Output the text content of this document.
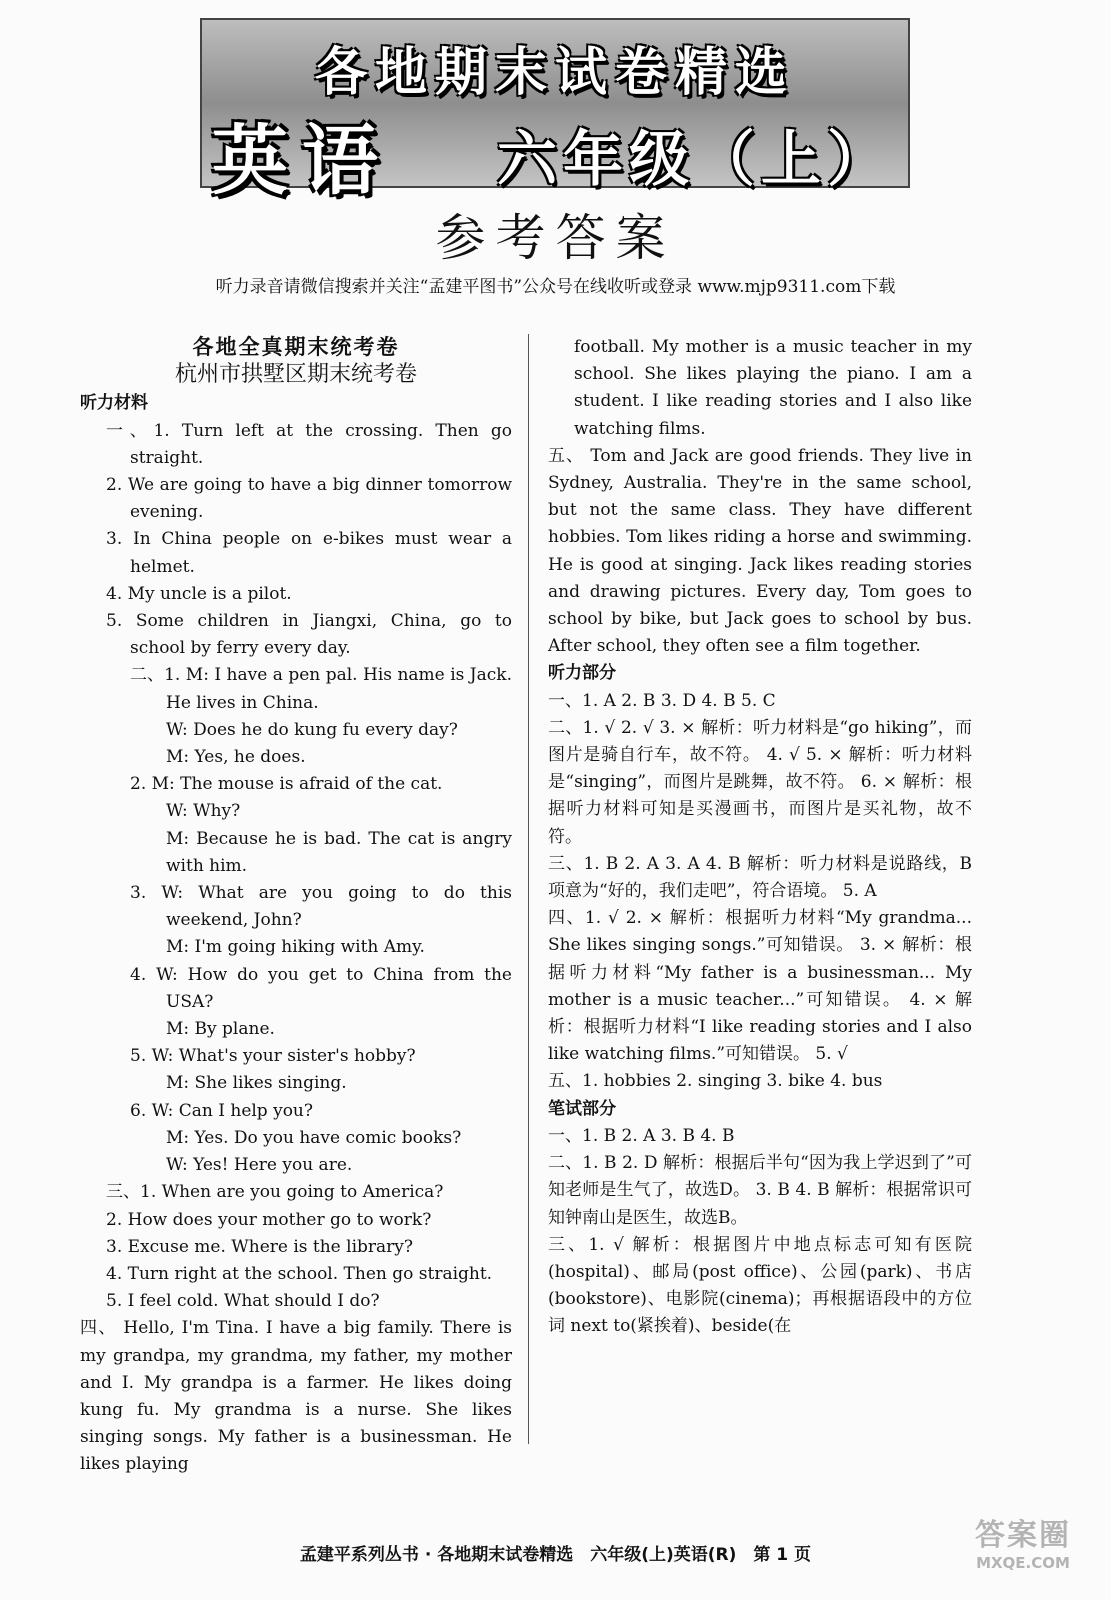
各地期末试卷精选
英语 六年级（上）
参考答案
听力录音请微信搜索并关注“孟建平图书”公众号在线收听或登录 www.mjp9311.com下载

各地全真期末统考卷

杭州市拱墅区期末统考卷

听力材料

一、1. Turn left at the crossing. Then go straight.

2. We are going to have a big dinner tomorrow evening.

3. In China people on e-bikes must wear a helmet.

4. My uncle is a pilot.

5. Some children in Jiangxi, China, go to school by ferry every day.

二、1. M: I have a pen pal. His name is Jack. He lives in China.

W: Does he do kung fu every day?

M: Yes, he does.

2. M: The mouse is afraid of the cat.

W: Why?

M: Because he is bad. The cat is angry with him.

3. W: What are you going to do this weekend, John?

M: I'm going hiking with Amy.

4. W: How do you get to China from the USA?

M: By plane.

5. W: What's your sister's hobby?

M: She likes singing.

6. W: Can I help you?

M: Yes. Do you have comic books?

W: Yes! Here you are.

三、1. When are you going to America?

2. How does your mother go to work?

3. Excuse me. Where is the library?

4. Turn right at the school. Then go straight.

5. I feel cold. What should I do?

四、 Hello, I'm Tina. I have a big family. There is my grandpa, my grandma, my father, my mother and I. My grandpa is a farmer. He likes doing kung fu. My grandma is a nurse. She likes singing songs. My father is a businessman. He likes playing

football. My mother is a music teacher in my school. She likes playing the piano. I am a student. I like reading stories and I also like watching films.

五、 Tom and Jack are good friends. They live in Sydney, Australia. They're in the same school, but not the same class. They have different hobbies. Tom likes riding a horse and swimming. He is good at singing. Jack likes reading stories and drawing pictures. Every day, Tom goes to school by bike, but Jack goes to school by bus. After school, they often see a film together.

听力部分

一、1. A 2. B 3. D 4. B 5. C

二、1. √ 2. √ 3. × 解析：听力材料是“go hiking”，而图片是骑自行车，故不符。 4. √ 5. × 解析：听力材料是“singing”，而图片是跳舞，故不符。 6. × 解析：根据听力材料可知是买漫画书，而图片是买礼物，故不符。

三、1. B 2. A 3. A 4. B 解析：听力材料是说路线，B项意为“好的，我们走吧”，符合语境。 5. A

四、1. √ 2. × 解析：根据听力材料“My grandma... She likes singing songs.”可知错误。 3. × 解析：根据听力材料“My father is a businessman... My mother is a music teacher...”可知错误。 4. × 解析：根据听力材料“I like reading stories and I also like watching films.”可知错误。 5. √

五、1. hobbies 2. singing 3. bike 4. bus

笔试部分

一、1. B 2. A 3. B 4. B

二、1. B 2. D 解析：根据后半句“因为我上学迟到了”可知老师是生气了，故选D。 3. B 4. B 解析：根据常识可知钟南山是医生，故选B。

三、1. √ 解析：根据图片中地点标志可知有医院(hospital)、邮局(post office)、公园(park)、书店(bookstore)、电影院(cinema)；再根据语段中的方位词 next to(紧挨着)、beside(在

孟建平系列丛书 · 各地期末试卷精选　六年级(上)英语(R)　第 1 页
答案圈
MXQE.COM
